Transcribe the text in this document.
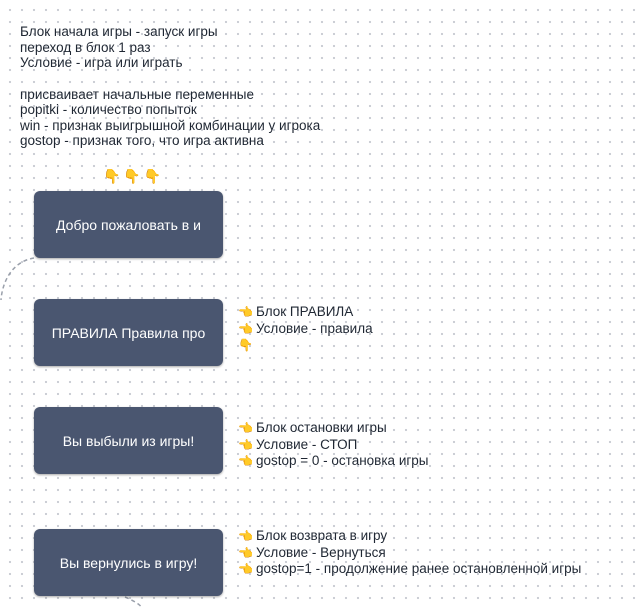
Блок начала игры - запуск игры
переход в блок 1 раз
Условие - игра или играть
присваивает начальные переменные
popitki - количество попыток
win - признак выигрышной комбинации у игрока
gostop - признак того, что игра активна
👇👇👇
Добро пожаловать в и
ПРАВИЛА Правила про
Вы выбыли из игры!
Вы вернулись в игру!
👈 Блок ПРАВИЛА
👈 Условие - правила
👇
👈 Блок остановки игры
👈 Условие - СТОП
👈 gostop = 0 - остановка игры
👈 Блок возврата в игру
👈 Условие - Вернуться
👈 gostop=1 - продолжение ранее остановленной игры
